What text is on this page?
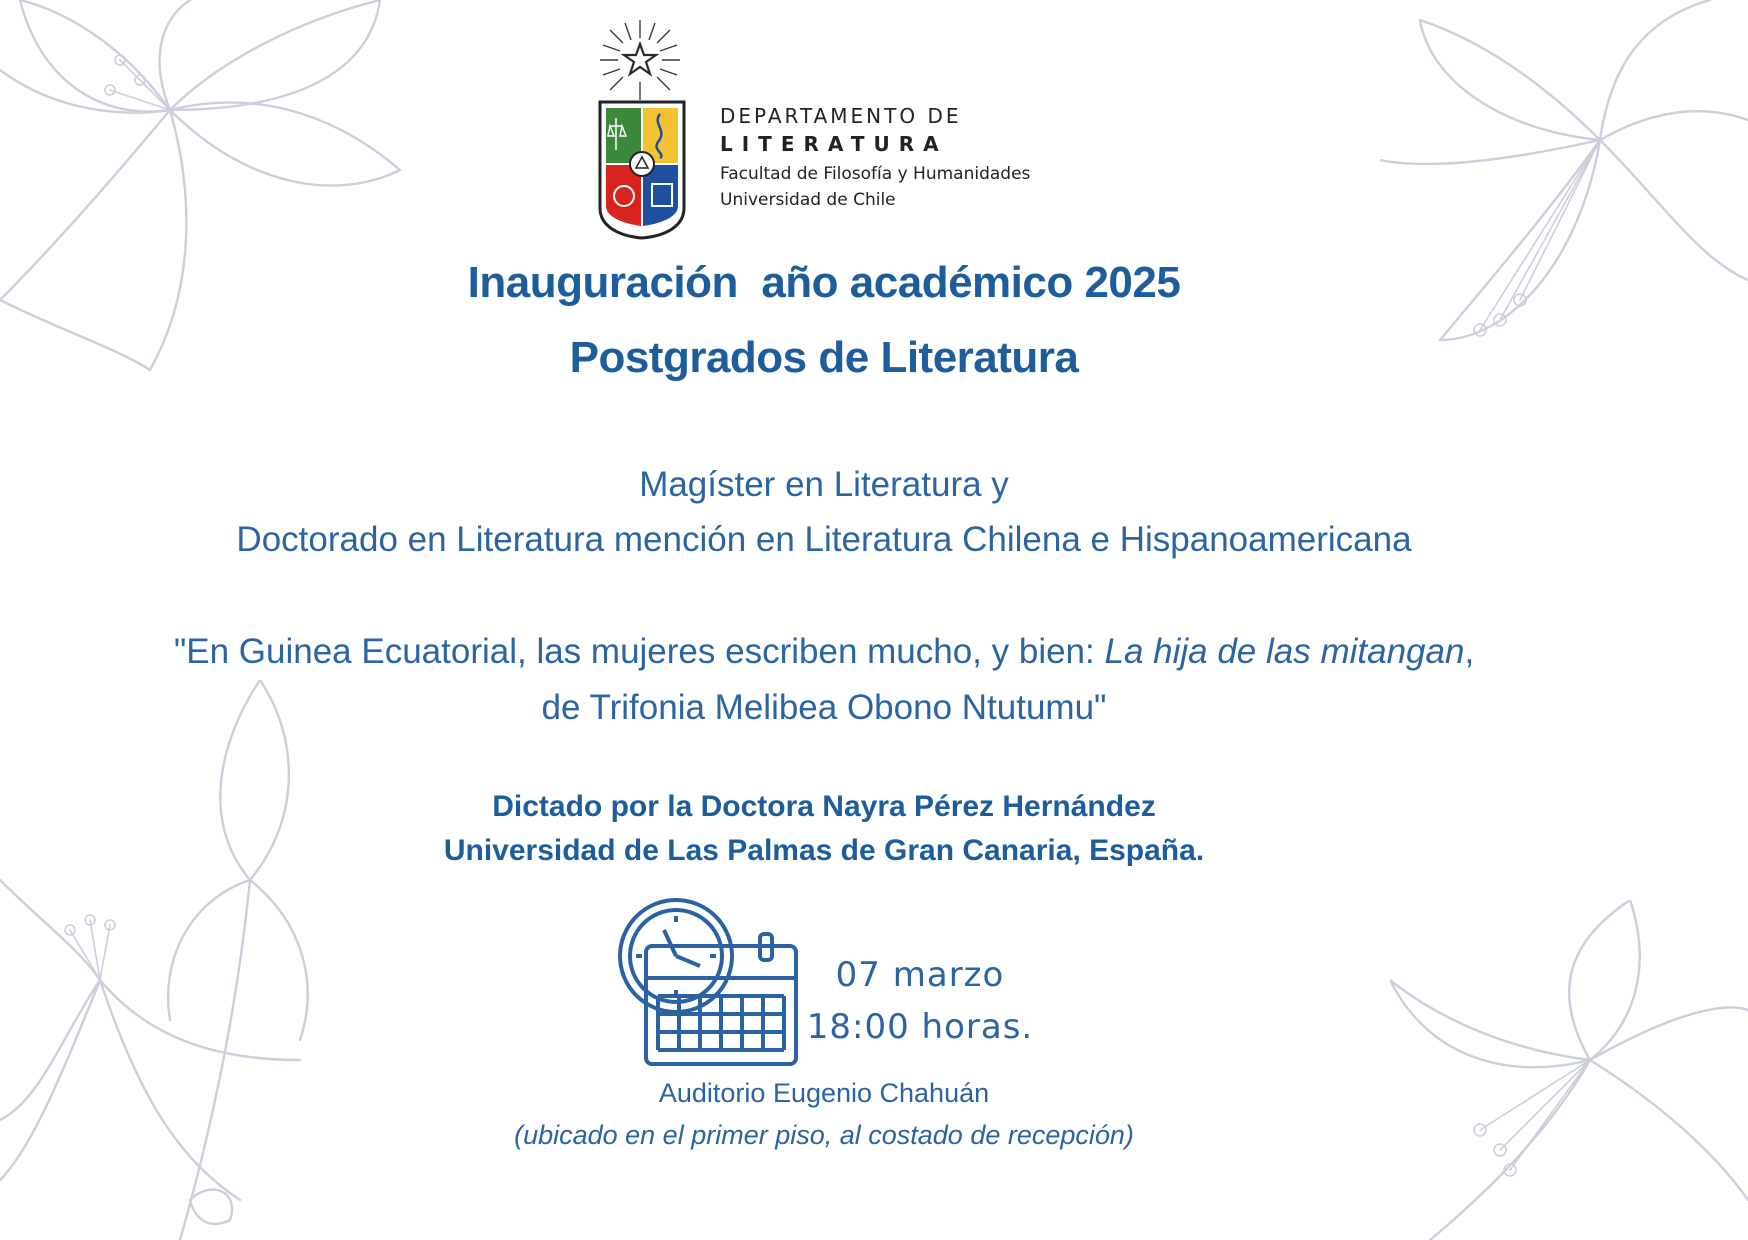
DEPARTAMENTO DE
LITERATURA
Facultad de Filosofía y Humanidades
Universidad de Chile
Inauguración  año académico 2025
Postgrados de Literatura
Magíster en Literatura y
Doctorado en Literatura mención en Literatura Chilena e Hispanoamericana
"En Guinea Ecuatorial, las mujeres escriben mucho, y bien: La hija de las mitangan,
de Trifonia Melibea Obono Ntutumu"
Dictado por la Doctora Nayra Pérez Hernández
Universidad de Las Palmas de Gran Canaria, España.
07 marzo
18:00 horas.
Auditorio Eugenio Chahuán
(ubicado en el primer piso, al costado de recepción)
